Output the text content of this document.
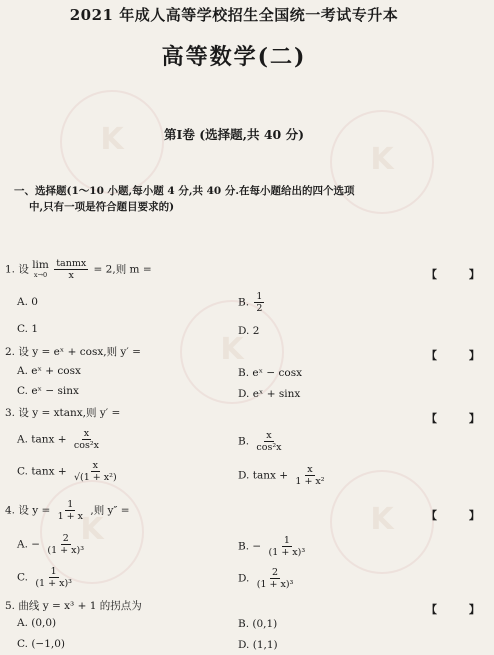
K
K
K
K	K
2021 年成人高等学校招生全国统一考试专升本
高等数学(二)
第Ⅰ卷 (选择题,共 40 分)
一、选择题(1～10 小题,每小题 4 分,共 40 分.在每小题给出的四个选项
中,只有一项是符合题目要求的)
1. 设 lim
x→0
$\frac{\text{tanmx}}{x} = 2$,则 m =	【 】
A. 0	B. $\frac{1}{2}$
C. 1	D. 2
2. 设 y = eˣ + cosx,则 y′ =	【 】
A. eˣ + cosx	B. eˣ − cosx
C. eˣ − sinx	D. eˣ + sinx
3. 设 y = xtanx,则 y′ =	【 】
A. $\tan x + \frac{x}{\text{cos²x}}$	B. $\frac{x}{\text{cos²x}}$
C. $\tan x + \frac{x}{\text{√(1 + x²)}}$	D. $\tan x + \frac{x}{\text{1 + x²}}$
4. 设 $y = \frac{1}{1 + x}$ ,则 y″ =	【 】
A. − $\frac{2}{\text{(1 + x)³}}$	B. − $\frac{1}{\text{(1 + x)³}}$
C. $\frac{1}{\text{(1 + x)³}}$	D. $\frac{2}{\text{(1 + x)³}}$
5. 曲线 y = x³ + 1 的拐点为	【 】
A. (0,0)	B. (0,1)
C. (−1,0)	D. (1,1)
